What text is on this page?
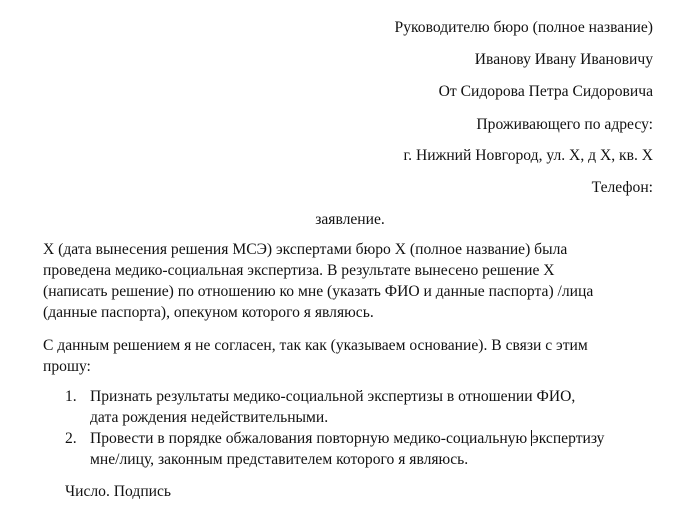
Руководителю бюро (полное название)
Иванову Ивану Ивановичу
От Сидорова Петра Сидоровича
Проживающего по адресу:
г. Нижний Новгород, ул. Х, д Х, кв. Х
Телефон:
заявление.
Х (дата вынесения решения МСЭ) экспертами бюро Х (полное название) была
проведена медико-социальная экспертиза. В результате вынесено решение Х
(написать решение) по отношению ко мне (указать ФИО и данные паспорта) /лица
(данные паспорта), опекуном которого я являюсь.
С данным решением я не согласен, так как (указываем основание). В связи с этим
прошу:
1. Признать результаты медико-социальной экспертизы в отношении ФИО,
дата рождения недействительными.
2. Провести в порядке обжалования повторную медико-социальную экспертизу
мне/лицу, законным представителем которого я являюсь.
Число. Подпись
